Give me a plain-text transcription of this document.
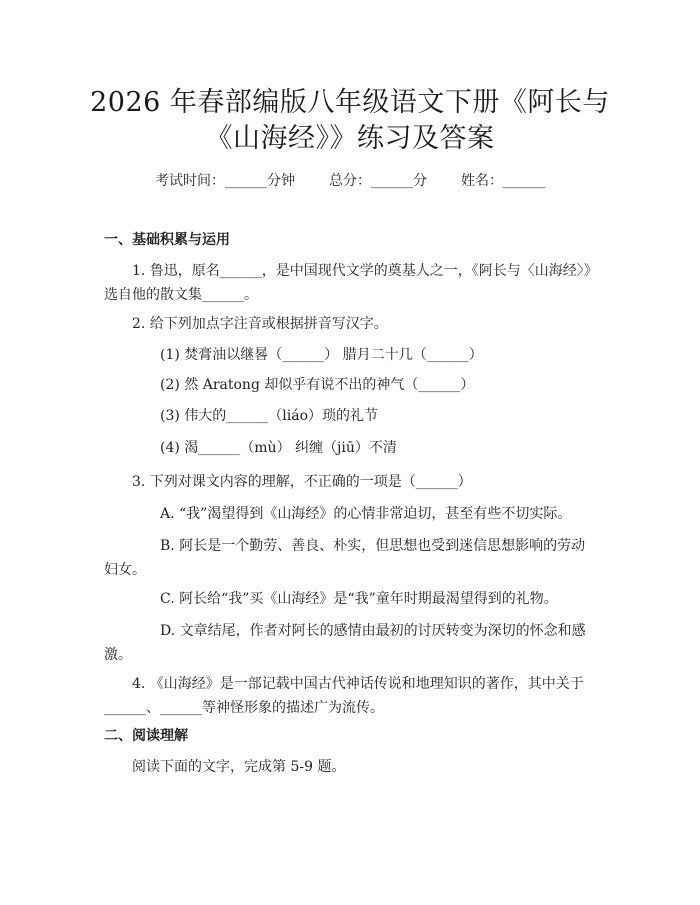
2026 年春部编版八年级语文下册《阿长与
《山海经》》练习及答案
考试时间：______分钟 总分：______分 姓名：______
一、基础积累与运用
1. 鲁迅，原名______，是中国现代文学的奠基人之一，《阿长与〈山海经〉》选自他的散文集______。
2. 给下列加点字注音或根据拼音写汉字。
(1) 焚膏油以继晷（______） 腊月二十几（______）
(2) 然 Aratong 却似乎有说不出的神气（______）
(3) 伟大的______（liáo）琐的礼节
(4) 渴______（mù） 纠缠（jiū）不清
3. 下列对课文内容的理解，不正确的一项是（______）
A. “我”渴望得到《山海经》的心情非常迫切，甚至有些不切实际。
B. 阿长是一个勤劳、善良、朴实，但思想也受到迷信思想影响的劳动妇女。
C. 阿长给“我”买《山海经》是“我”童年时期最渴望得到的礼物。
D. 文章结尾，作者对阿长的感情由最初的讨厌转变为深切的怀念和感激。
4. 《山海经》是一部记载中国古代神话传说和地理知识的著作，其中关于______、______等神怪形象的描述广为流传。
二、阅读理解
阅读下面的文字，完成第 5-9 题。
